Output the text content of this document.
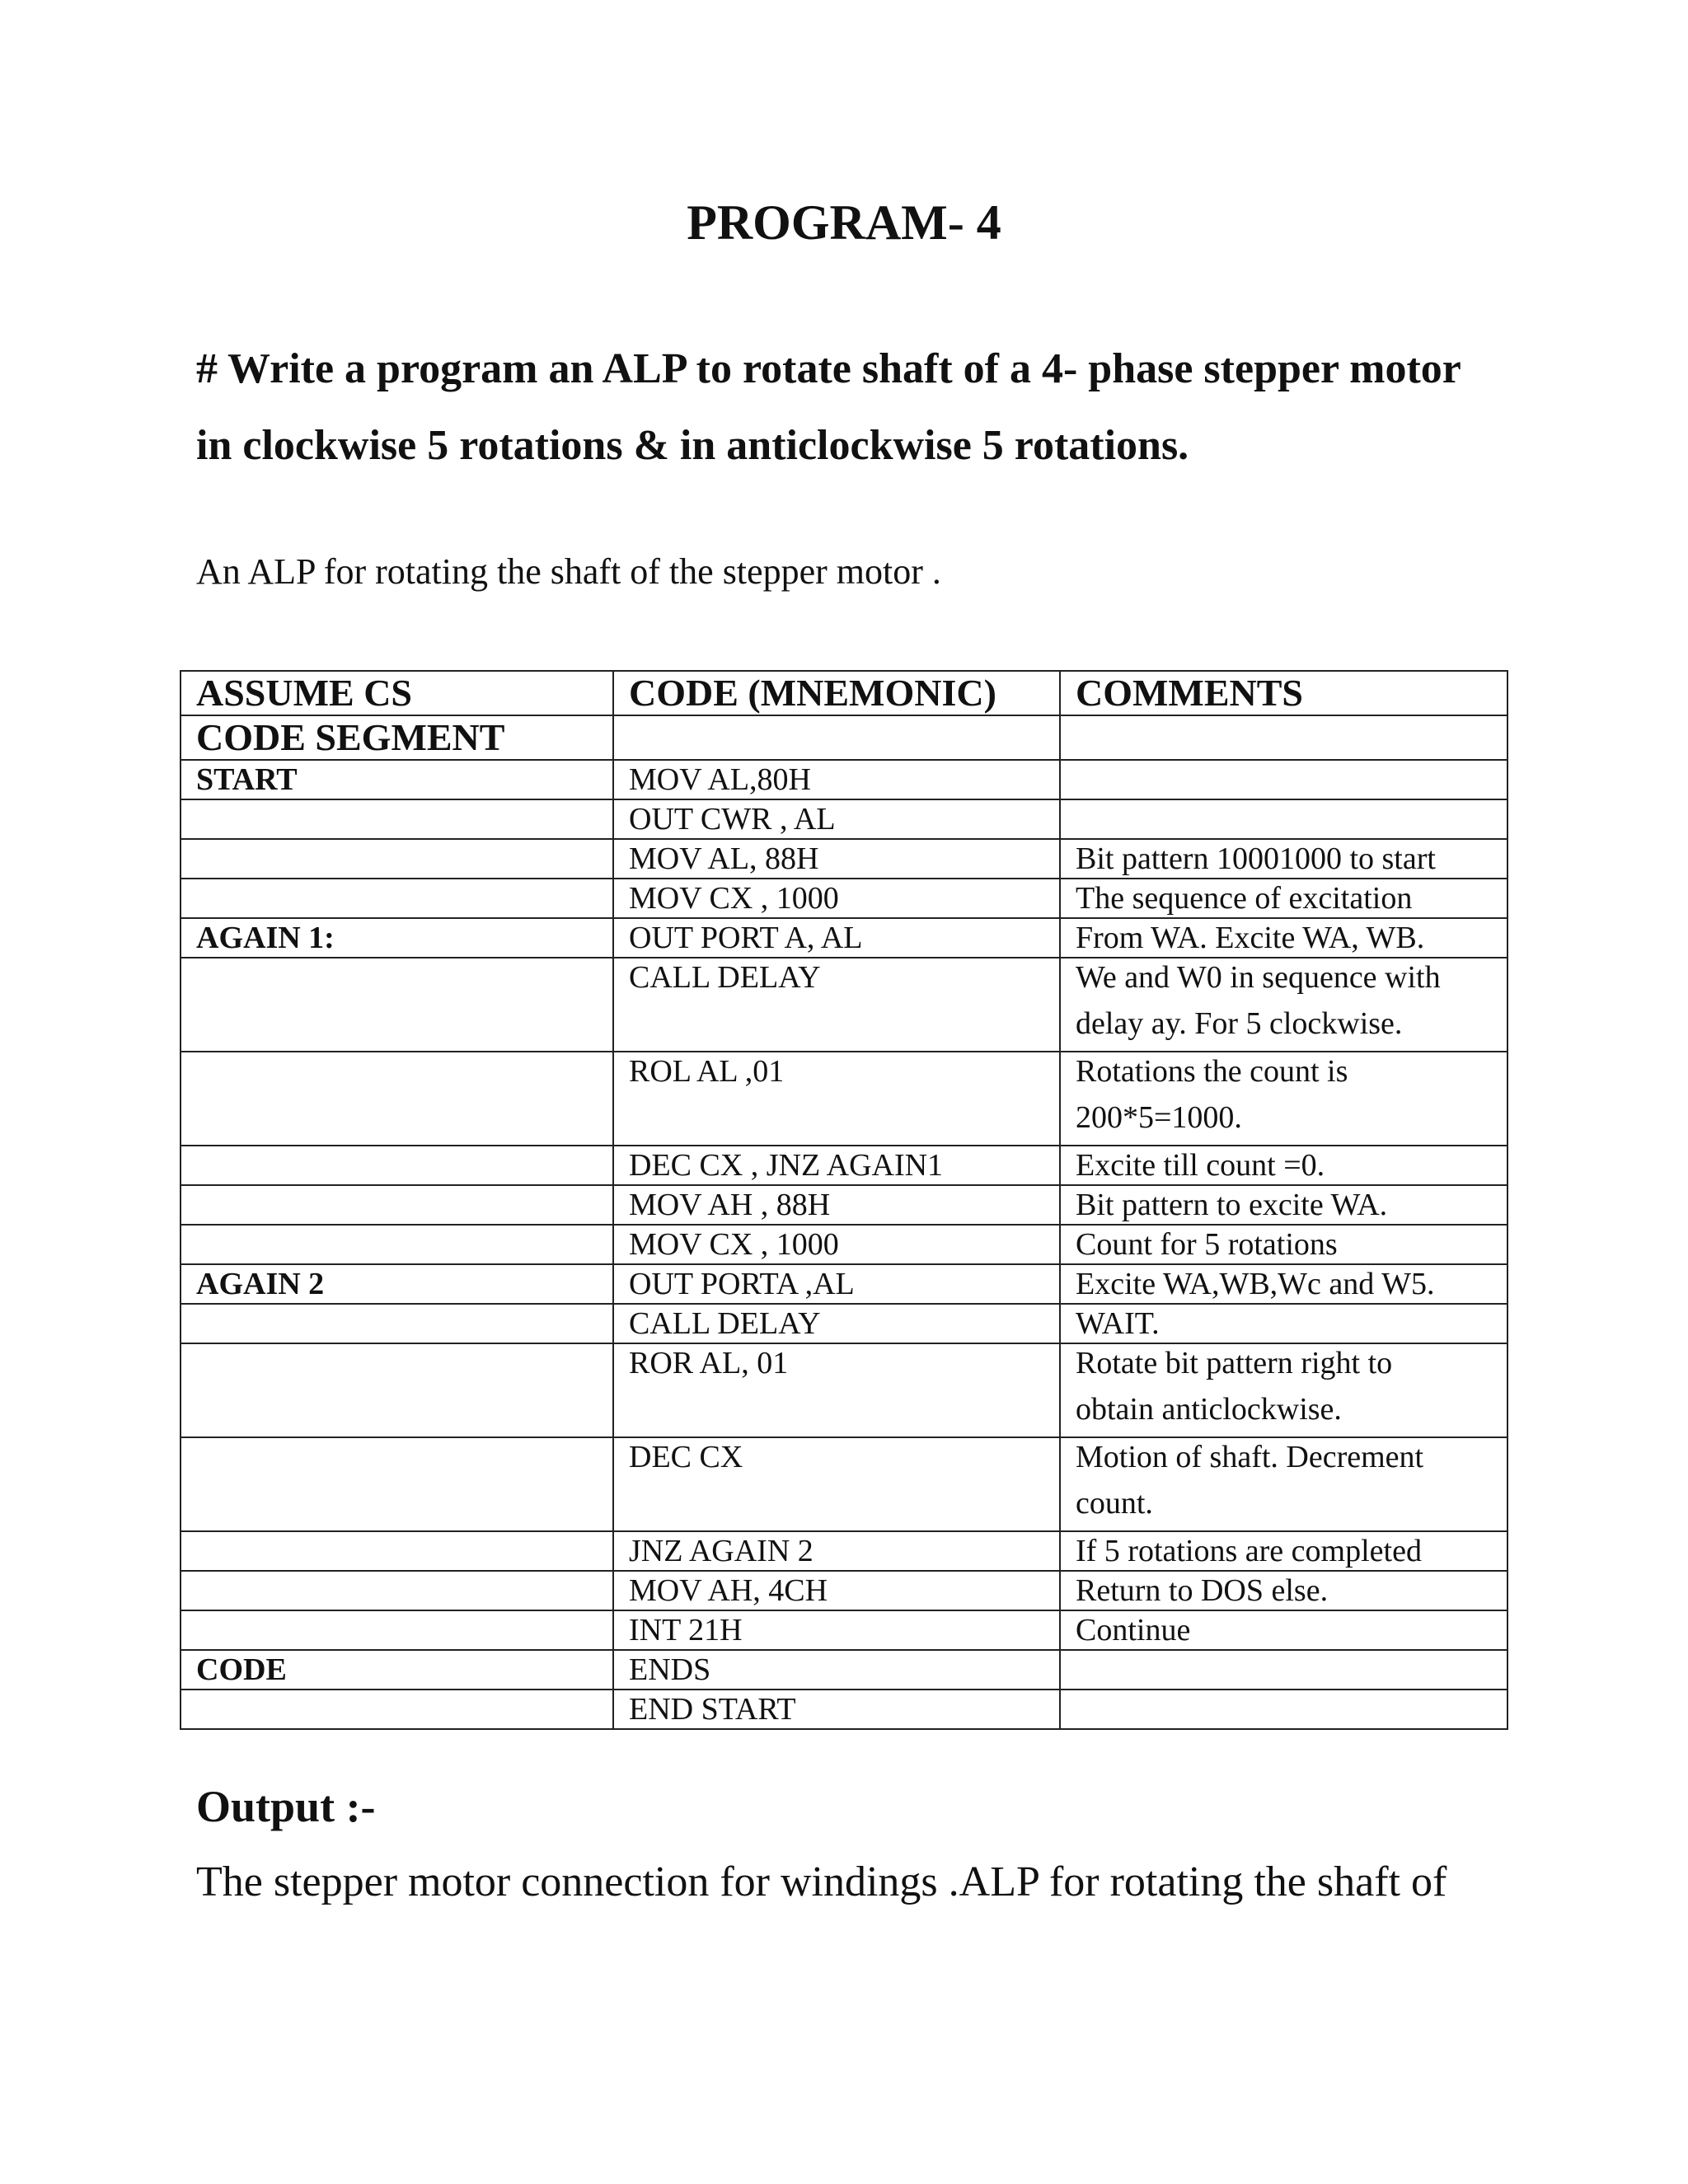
PROGRAM- 4
# Write a program an ALP to rotate shaft of a 4- phase stepper motor
in clockwise 5 rotations & in anticlockwise 5 rotations.
An ALP for rotating the shaft of the stepper motor .
ASSUME CS	CODE (MNEMONIC)	COMMENTS
CODE SEGMENT		
START	MOV AL,80H	

	OUT CWR , AL	

	MOV AL, 88H	Bit pattern 10001000 to start

	MOV CX , 1000	The sequence of excitation

AGAIN 1:	OUT PORT A, AL	From WA. Excite WA, WB.

	CALL DELAY	We and W0 in sequence with
delay ay. For 5 clockwise.
	ROL AL ,01	Rotations the count is
200*5=1000.
	DEC CX , JNZ AGAIN1	Excite till count =0.

	MOV AH , 88H	Bit pattern to excite WA.

	MOV CX , 1000	Count for 5 rotations

AGAIN 2	OUT PORTA ,AL	Excite WA,WB,Wc and W5.

	CALL DELAY	WAIT.

	ROR AL, 01	Rotate bit pattern right to
obtain anticlockwise.
	DEC CX	Motion of shaft. Decrement
count.
	JNZ AGAIN 2	If 5 rotations are completed

	MOV AH, 4CH	Return to DOS else.

	INT 21H	Continue

CODE	ENDS	

	END START	
Output :-
The stepper motor connection for windings .ALP for rotating the shaft of
